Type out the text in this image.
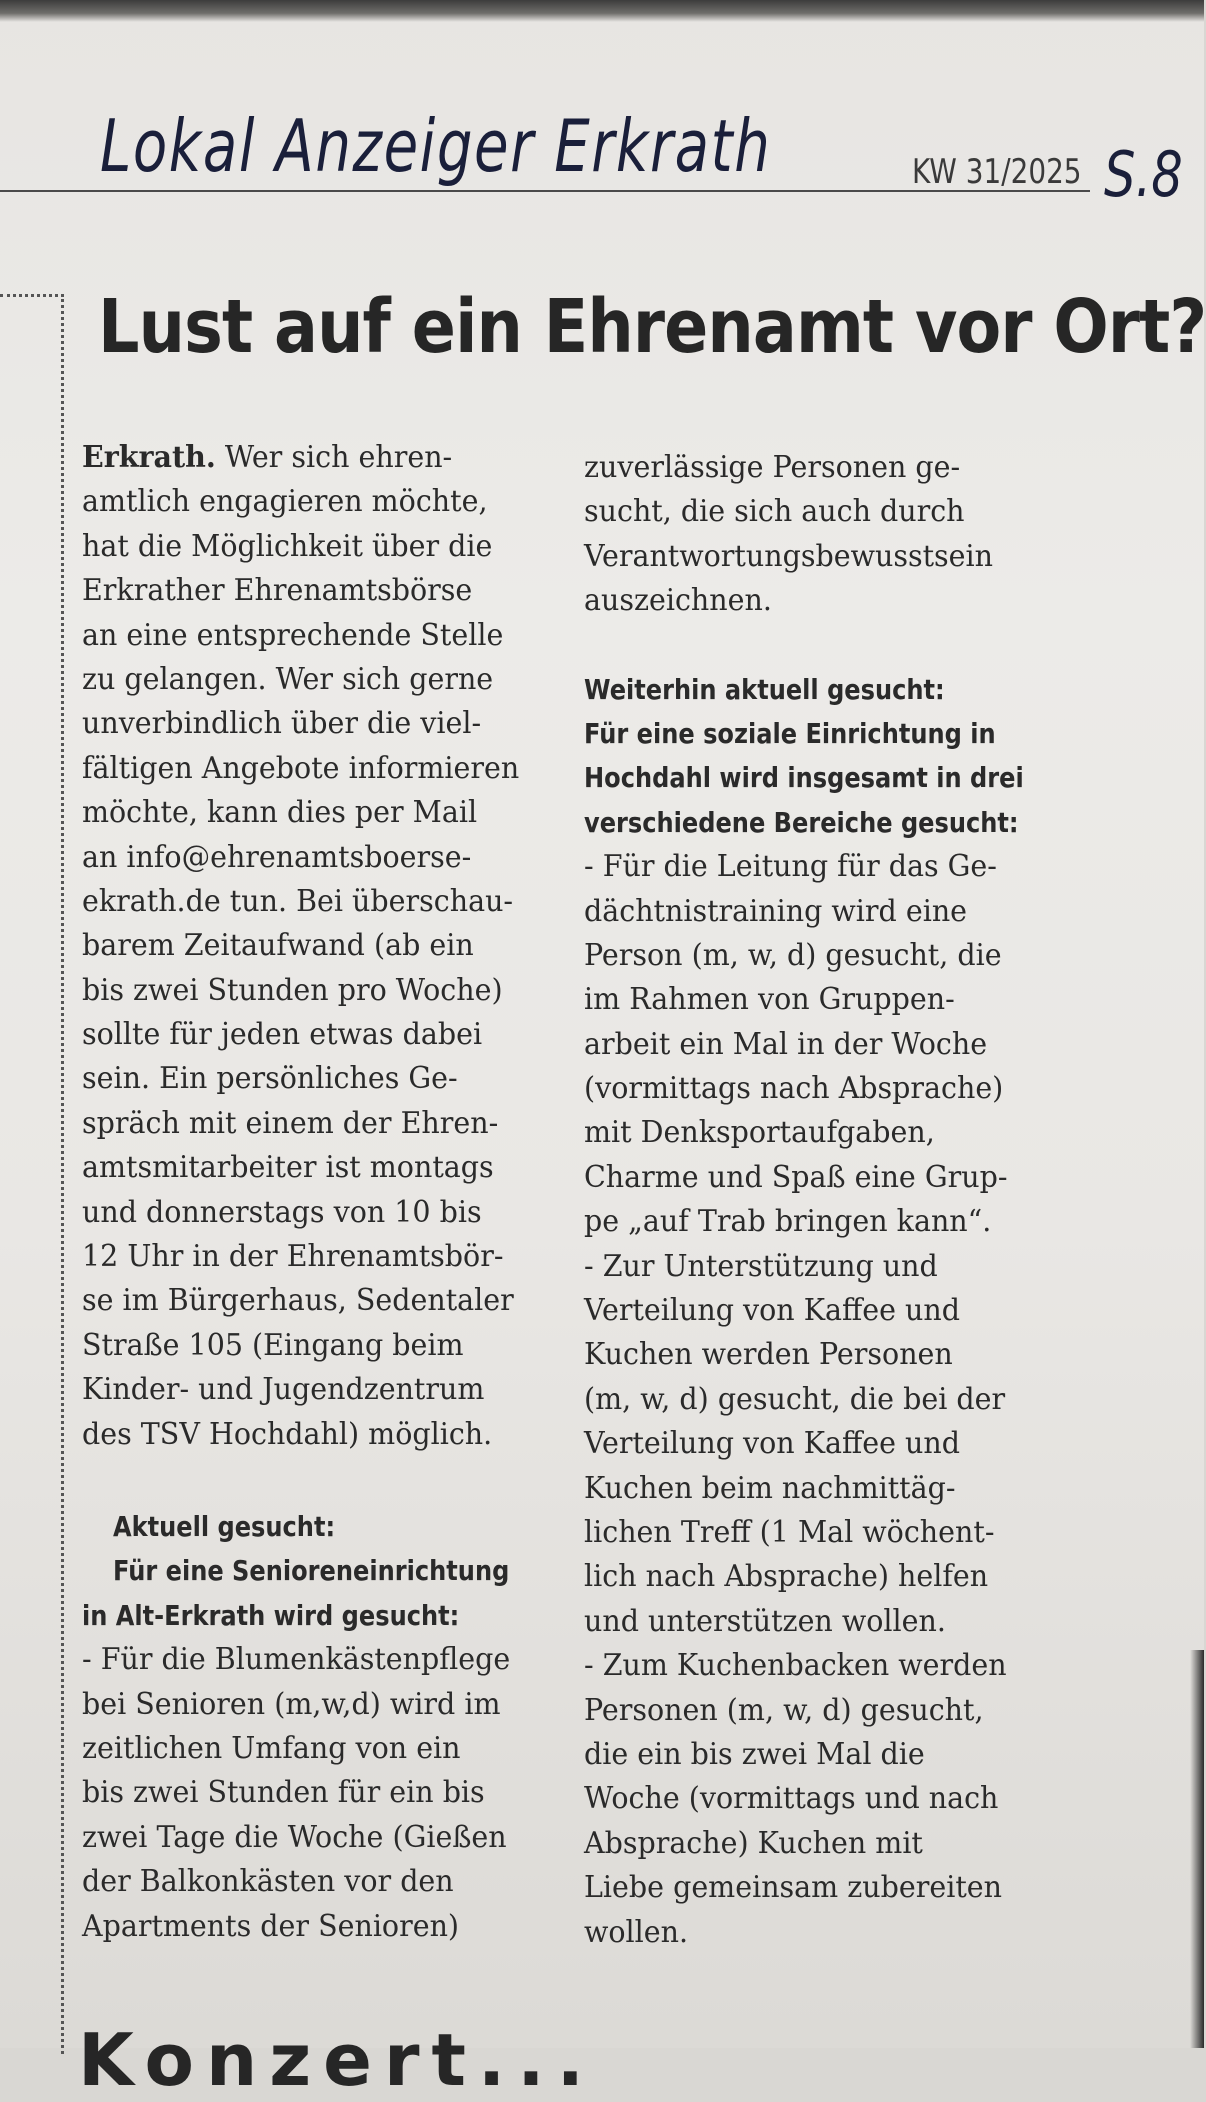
Lokal Anzeiger Erkrath	KW 31/2025 S.8
Lust auf ein Ehrenamt vor Ort?
Erkrath. Wer sich ehren-
amtlich engagieren möchte,
hat die Möglichkeit über die
Erkrather Ehrenamtsbörse
an eine entsprechende Stelle
zu gelangen. Wer sich gerne
unverbindlich über die viel-
fältigen Angebote informieren
möchte, kann dies per Mail
an info@ehrenamtsboerse-
ekrath.de tun. Bei überschau-
barem Zeitaufwand (ab ein
bis zwei Stunden pro Woche)
sollte für jeden etwas dabei
sein. Ein persönliches Ge-
spräch mit einem der Ehren-
amtsmitarbeiter ist montags
und donnerstags von 10 bis
12 Uhr in der Ehrenamtsbör-
se im Bürgerhaus, Sedentaler
Straße 105 (Eingang beim
Kinder- und Jugendzentrum
des TSV Hochdahl) möglich.
Aktuell gesucht:
Für eine Senioreneinrichtung
in Alt-Erkrath wird gesucht:
- Für die Blumenkästenpflege
bei Senioren (m,w,d) wird im
zeitlichen Umfang von ein
bis zwei Stunden für ein bis
zwei Tage die Woche (Gießen
der Balkonkästen vor den
Apartments der Senioren)
zuverlässige Personen ge-
sucht, die sich auch durch
Verantwortungsbewusstsein
auszeichnen.
Weiterhin aktuell gesucht:
Für eine soziale Einrichtung in
Hochdahl wird insgesamt in drei
verschiedene Bereiche gesucht:
- Für die Leitung für das Ge-
dächtnistraining wird eine
Person (m, w, d) gesucht, die
im Rahmen von Gruppen-
arbeit ein Mal in der Woche
(vormittags nach Absprache)
mit Denksportaufgaben,
Charme und Spaß eine Grup-
pe „auf Trab bringen kann“.
- Zur Unterstützung und
Verteilung von Kaffee und
Kuchen werden Personen
(m, w, d) gesucht, die bei der
Verteilung von Kaffee und
Kuchen beim nachmittäg-
lichen Treff (1 Mal wöchent-
lich nach Absprache) helfen
und unterstützen wollen.
- Zum Kuchenbacken werden
Personen (m, w, d) gesucht,
die ein bis zwei Mal die
Woche (vormittags und nach
Absprache) Kuchen mit
Liebe gemeinsam zubereiten
wollen.
Konzert...
